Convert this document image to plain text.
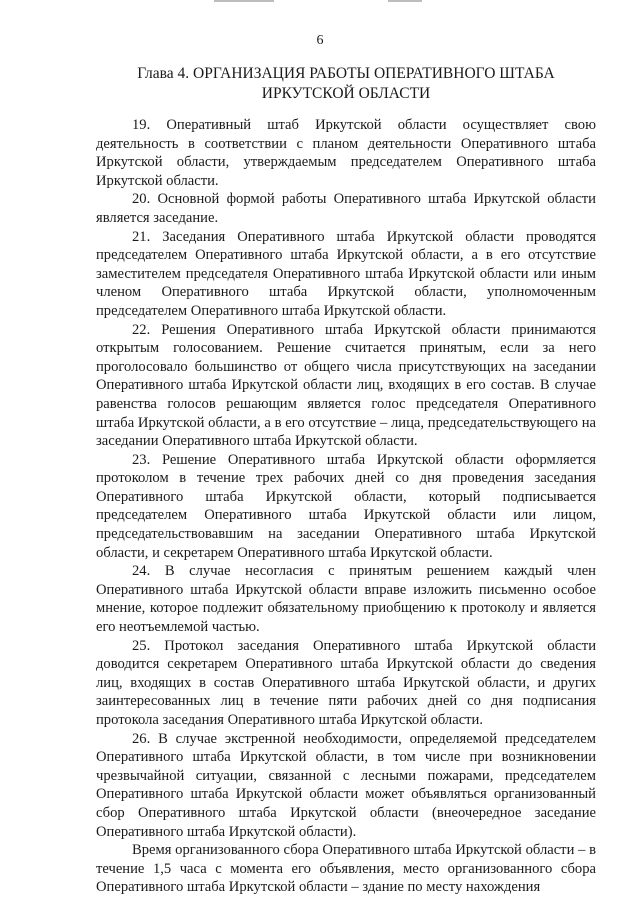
6
Глава 4. ОРГАНИЗАЦИЯ РАБОТЫ ОПЕРАТИВНОГО ШТАБА ИРКУТСКОЙ ОБЛАСТИ

19. Оперативный штаб Иркутской области осуществляет свою деятельность в соответствии с планом деятельности Оперативного штаба Иркутской области, утверждаемым председателем Оперативного штаба Иркутской области.

20. Основной формой работы Оперативного штаба Иркутской области является заседание.

21. Заседания Оперативного штаба Иркутской области проводятся председателем Оперативного штаба Иркутской области, а в его отсутствие заместителем председателя Оперативного штаба Иркутской области или иным членом Оперативного штаба Иркутской области, уполномоченным председателем Оперативного штаба Иркутской области.

22. Решения Оперативного штаба Иркутской области принимаются открытым голосованием. Решение считается принятым, если за него проголосовало большинство от общего числа присутствующих на заседании Оперативного штаба Иркутской области лиц, входящих в его состав. В случае равенства голосов решающим является голос председателя Оперативного штаба Иркутской области, а в его отсутствие – лица, председательствующего на заседании Оперативного штаба Иркутской области.

23. Решение Оперативного штаба Иркутской области оформляется протоколом в течение трех рабочих дней со дня проведения заседания Оперативного штаба Иркутской области, который подписывается председателем Оперативного штаба Иркутской области или лицом, председательствовавшим на заседании Оперативного штаба Иркутской области, и секретарем Оперативного штаба Иркутской области.

24. В случае несогласия с принятым решением каждый член Оперативного штаба Иркутской области вправе изложить письменно особое мнение, которое подлежит обязательному приобщению к протоколу и является его неотъемлемой частью.

25. Протокол заседания Оперативного штаба Иркутской области доводится секретарем Оперативного штаба Иркутской области до сведения лиц, входящих в состав Оперативного штаба Иркутской области, и других заинтересованных лиц в течение пяти рабочих дней со дня подписания протокола заседания Оперативного штаба Иркутской области.

26. В случае экстренной необходимости, определяемой председателем Оперативного штаба Иркутской области, в том числе при возникновении чрезвычайной ситуации, связанной с лесными пожарами, председателем Оперативного штаба Иркутской области может объявляться организованный сбор Оперативного штаба Иркутской области (внеочередное заседание Оперативного штаба Иркутской области).

Время организованного сбора Оперативного штаба Иркутской области – в течение 1,5 часа с момента его объявления, место организованного сбора Оперативного штаба Иркутской области – здание по месту нахождения
